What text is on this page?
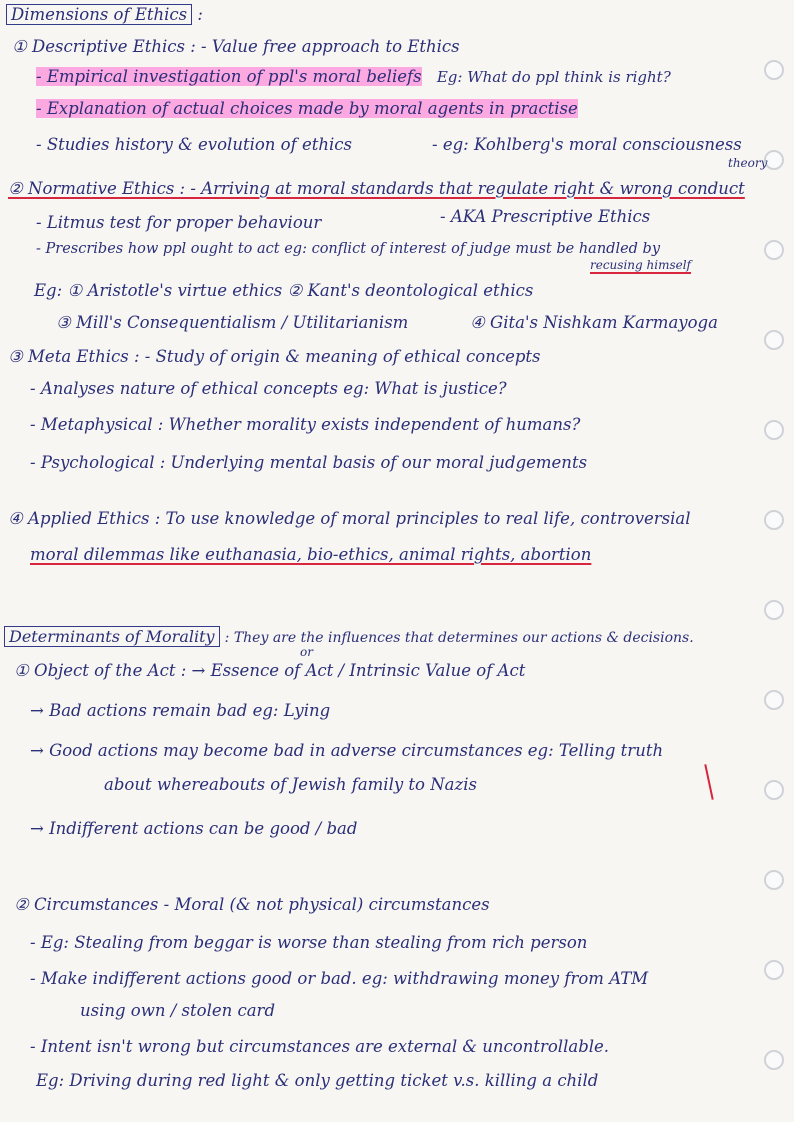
Dimensions of Ethics :
① Descriptive Ethics : - Value free approach to Ethics
- Empirical investigation of ppl's moral beliefs Eg: What do ppl think is right?
- Explanation of actual choices made by moral agents in practise
- Studies history & evolution of ethics	- eg: Kohlberg's moral consciousness
theory
② Normative Ethics : - Arriving at moral standards that regulate right & wrong conduct
- Litmus test for proper behaviour	- AKA Prescriptive Ethics
- Prescribes how ppl ought to act eg: conflict of interest of judge must be handled by
recusing himself
Eg: ① Aristotle's virtue ethics ② Kant's deontological ethics
③ Mill's Consequentialism / Utilitarianism	④ Gita's Nishkam Karmayoga
③ Meta Ethics : - Study of origin & meaning of ethical concepts
- Analyses nature of ethical concepts eg: What is justice?
- Metaphysical : Whether morality exists independent of humans?
- Psychological : Underlying mental basis of our moral judgements
④ Applied Ethics : To use knowledge of moral principles to real life, controversial
moral dilemmas like euthanasia, bio-ethics, animal rights, abortion
Determinants of Morality : They are the influences that determines our actions & decisions.
or
① Object of the Act : → Essence of Act / Intrinsic Value of Act
→ Bad actions remain bad eg: Lying
→ Good actions may become bad in adverse circumstances eg: Telling truth
about whereabouts of Jewish family to Nazis
→ Indifferent actions can be good / bad
② Circumstances - Moral (& not physical) circumstances
- Eg: Stealing from beggar is worse than stealing from rich person
- Make indifferent actions good or bad. eg: withdrawing money from ATM
using own / stolen card
- Intent isn't wrong but circumstances are external & uncontrollable.
Eg: Driving during red light & only getting ticket v.s. killing a child
